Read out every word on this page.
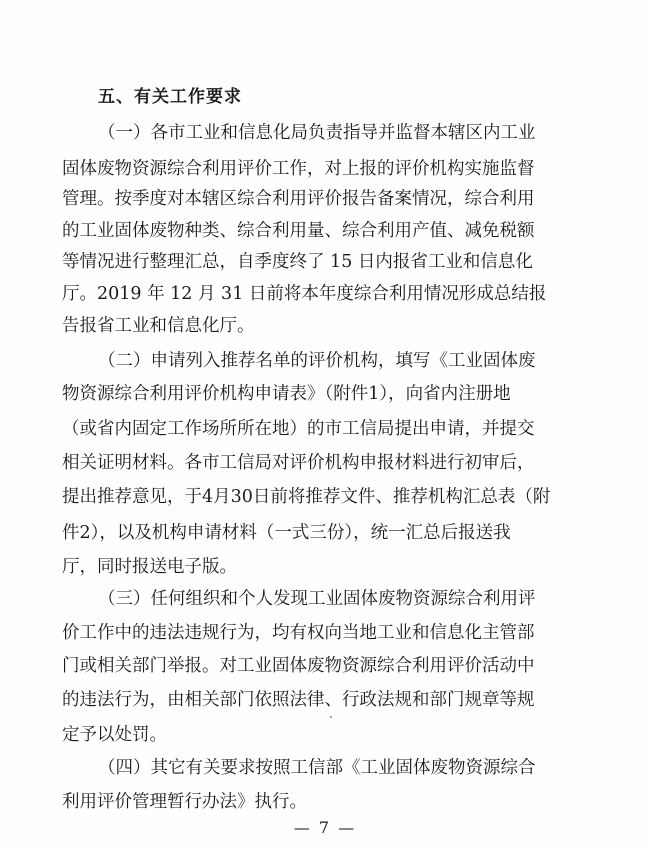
五、有关工作要求
（一）各市工业和信息化局负责指导并监督本辖区内工业
固体废物资源综合利用评价工作，对上报的评价机构实施监督
管理。按季度对本辖区综合利用评价报告备案情况，综合利用
的工业固体废物种类、综合利用量、综合利用产值、减免税额
等情况进行整理汇总，自季度终了 15 日内报省工业和信息化
厅。2019 年 12 月 31 日前将本年度综合利用情况形成总结报
告报省工业和信息化厅。
（二）申请列入推荐名单的评价机构，填写《工业固体废
物资源综合利用评价机构申请表》（附件1），向省内注册地
（或省内固定工作场所所在地）的市工信局提出申请，并提交
相关证明材料。各市工信局对评价机构申报材料进行初审后，
提出推荐意见，于4月30日前将推荐文件、推荐机构汇总表（附
件2），以及机构申请材料（一式三份），统一汇总后报送我
厅，同时报送电子版。
（三）任何组织和个人发现工业固体废物资源综合利用评
价工作中的违法违规行为，均有权向当地工业和信息化主管部
门或相关部门举报。对工业固体废物资源综合利用评价活动中
的违法行为，由相关部门依照法律、行政法规和部门规章等规
定予以处罚。
（四）其它有关要求按照工信部《工业固体废物资源综合
利用评价管理暂行办法》执行。
— 7 —
